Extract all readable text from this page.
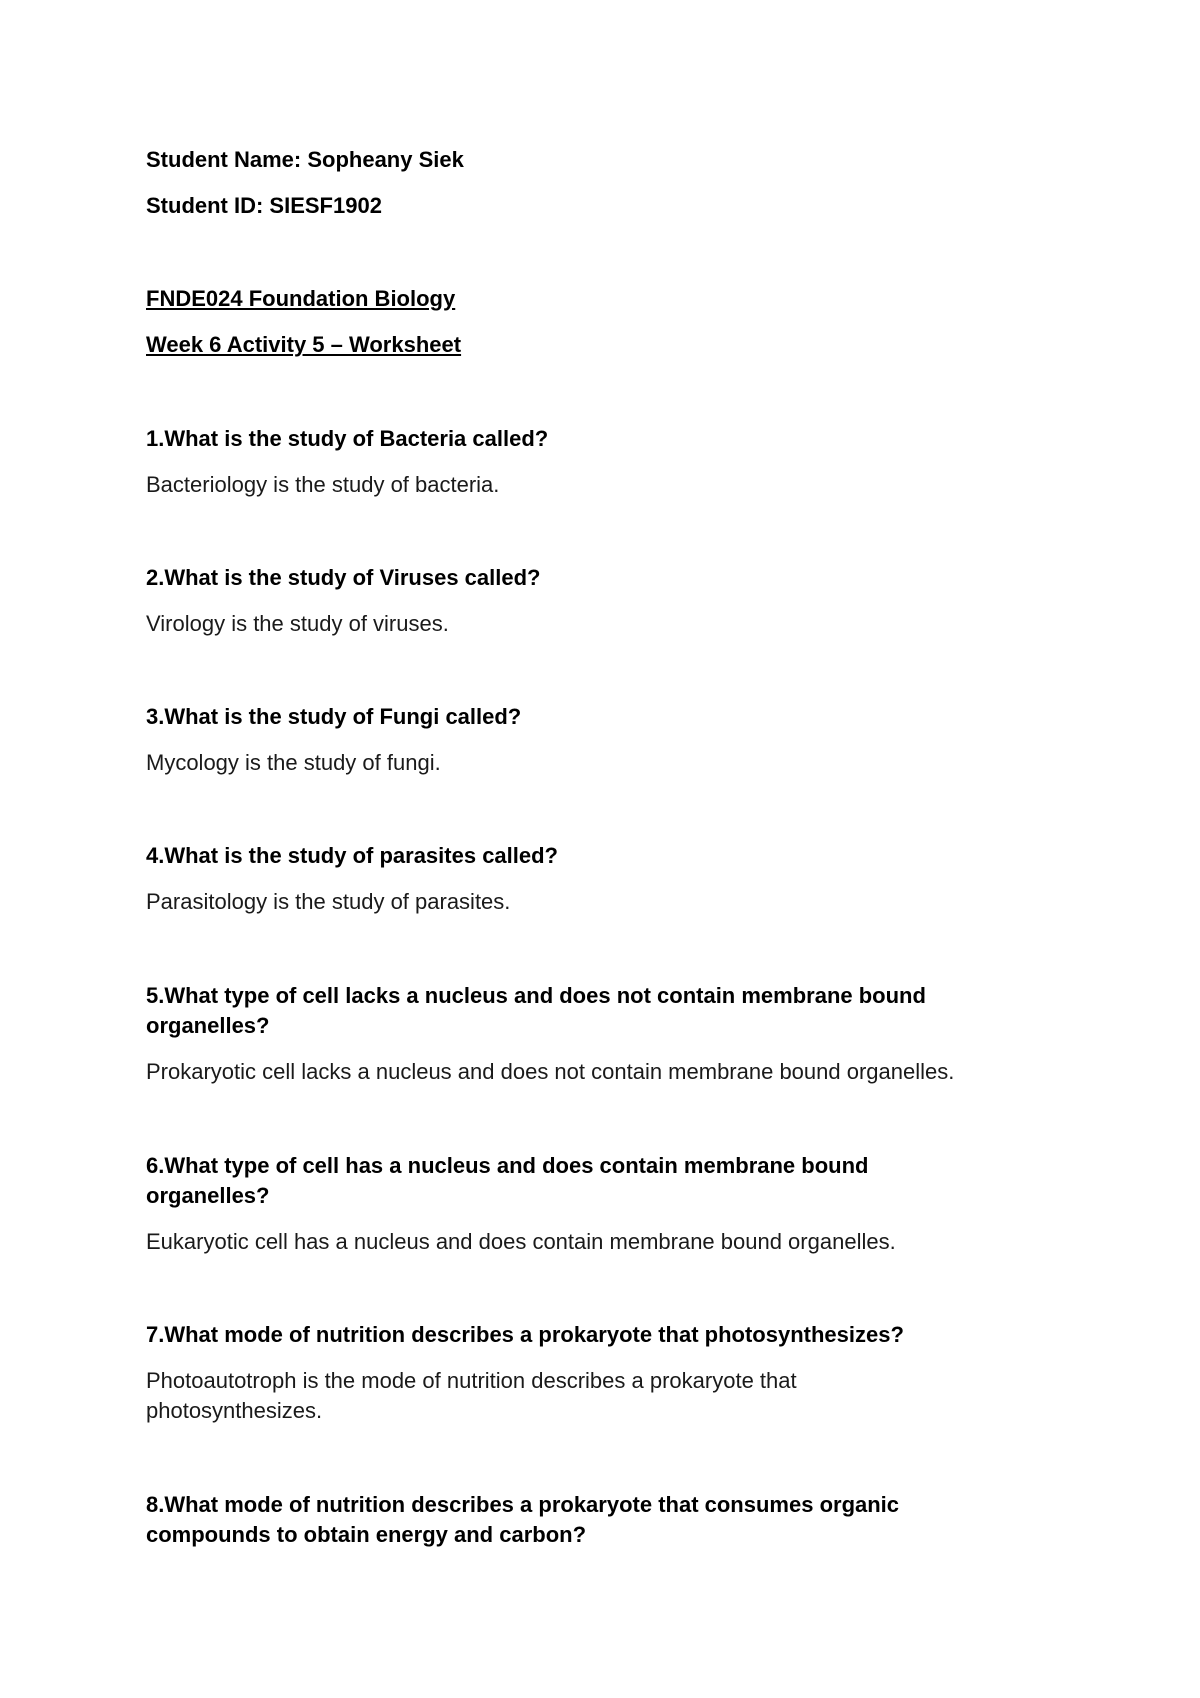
Student Name: Sopheany Siek

Student ID: SIESF1902

FNDE024 Foundation Biology

Week 6 Activity 5 – Worksheet

1.What is the study of Bacteria called?

Bacteriology is the study of bacteria.

2.What is the study of Viruses called?

Virology is the study of viruses.

3.What is the study of Fungi called?

Mycology is the study of fungi.

4.What is the study of parasites called?

Parasitology is the study of parasites.

5.What type of cell lacks a nucleus and does not contain membrane bound

organelles?

Prokaryotic cell lacks a nucleus and does not contain membrane bound organelles.

6.What type of cell has a nucleus and does contain membrane bound

organelles?

Eukaryotic cell has a nucleus and does contain membrane bound organelles.

7.What mode of nutrition describes a prokaryote that photosynthesizes?

Photoautotroph is the mode of nutrition describes a prokaryote that

photosynthesizes.

8.What mode of nutrition describes a prokaryote that consumes organic

compounds to obtain energy and carbon?
